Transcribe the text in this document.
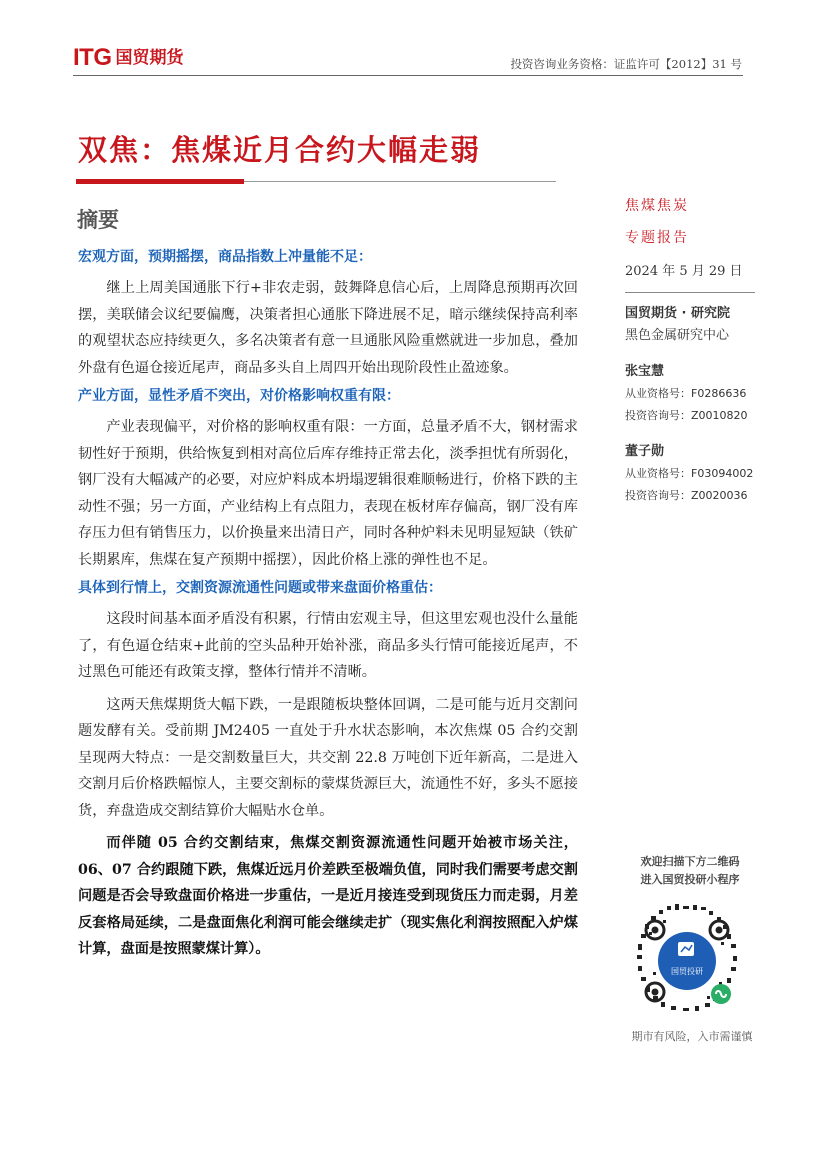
ITG 国贸期货	投资咨询业务资格：证监许可【2012】31 号
双焦：焦煤近月合约大幅走弱
摘要
宏观方面，预期摇摆，商品指数上冲量能不足：

继上上周美国通胀下行+非农走弱，鼓舞降息信心后，上周降息预期再次回摆，美联储会议纪要偏鹰，决策者担心通胀下降进展不足，暗示继续保持高利率的观望状态应持续更久，多名决策者有意一旦通胀风险重燃就进一步加息，叠加外盘有色逼仓接近尾声，商品多头自上周四开始出现阶段性止盈迹象。

产业方面，显性矛盾不突出，对价格影响权重有限：

产业表现偏平，对价格的影响权重有限：一方面，总量矛盾不大，钢材需求韧性好于预期，供给恢复到相对高位后库存维持正常去化，淡季担忧有所弱化，钢厂没有大幅减产的必要，对应炉料成本坍塌逻辑很难顺畅进行，价格下跌的主动性不强；另一方面，产业结构上有点阻力，表现在板材库存偏高，钢厂没有库存压力但有销售压力，以价换量来出清日产，同时各种炉料未见明显短缺（铁矿长期累库，焦煤在复产预期中摇摆），因此价格上涨的弹性也不足。

具体到行情上，交割资源流通性问题或带来盘面价格重估：

这段时间基本面矛盾没有积累，行情由宏观主导，但这里宏观也没什么量能了，有色逼仓结束+此前的空头品种开始补涨，商品多头行情可能接近尾声，不过黑色可能还有政策支撑，整体行情并不清晰。

这两天焦煤期货大幅下跌，一是跟随板块整体回调，二是可能与近月交割问题发酵有关。受前期 JM2405 一直处于升水状态影响，本次焦煤 05 合约交割呈现两大特点：一是交割数量巨大，共交割 22.8 万吨创下近年新高，二是进入交割月后价格跌幅惊人，主要交割标的蒙煤货源巨大，流通性不好，多头不愿接货，弃盘造成交割结算价大幅贴水仓单。

而伴随 05 合约交割结束，焦煤交割资源流通性问题开始被市场关注，06、07 合约跟随下跌，焦煤近远月价差跌至极端负值，同时我们需要考虑交割问题是否会导致盘面价格进一步重估，一是近月接连受到现货压力而走弱，月差反套格局延续，二是盘面焦化利润可能会继续走扩（现实焦化利润按照配入炉煤计算，盘面是按照蒙煤计算）。

焦煤焦炭
专题报告
2024 年 5 月 29 日
国贸期货 · 研究院
黑色金属研究中心
张宝慧
从业资格号：F0286636
投资咨询号：Z0010820
董子勋
从业资格号：F03094002
投资咨询号：Z0020036
欢迎扫描下方二维码
进入国贸投研小程序
国贸投研
期市有风险，入市需谨慎
